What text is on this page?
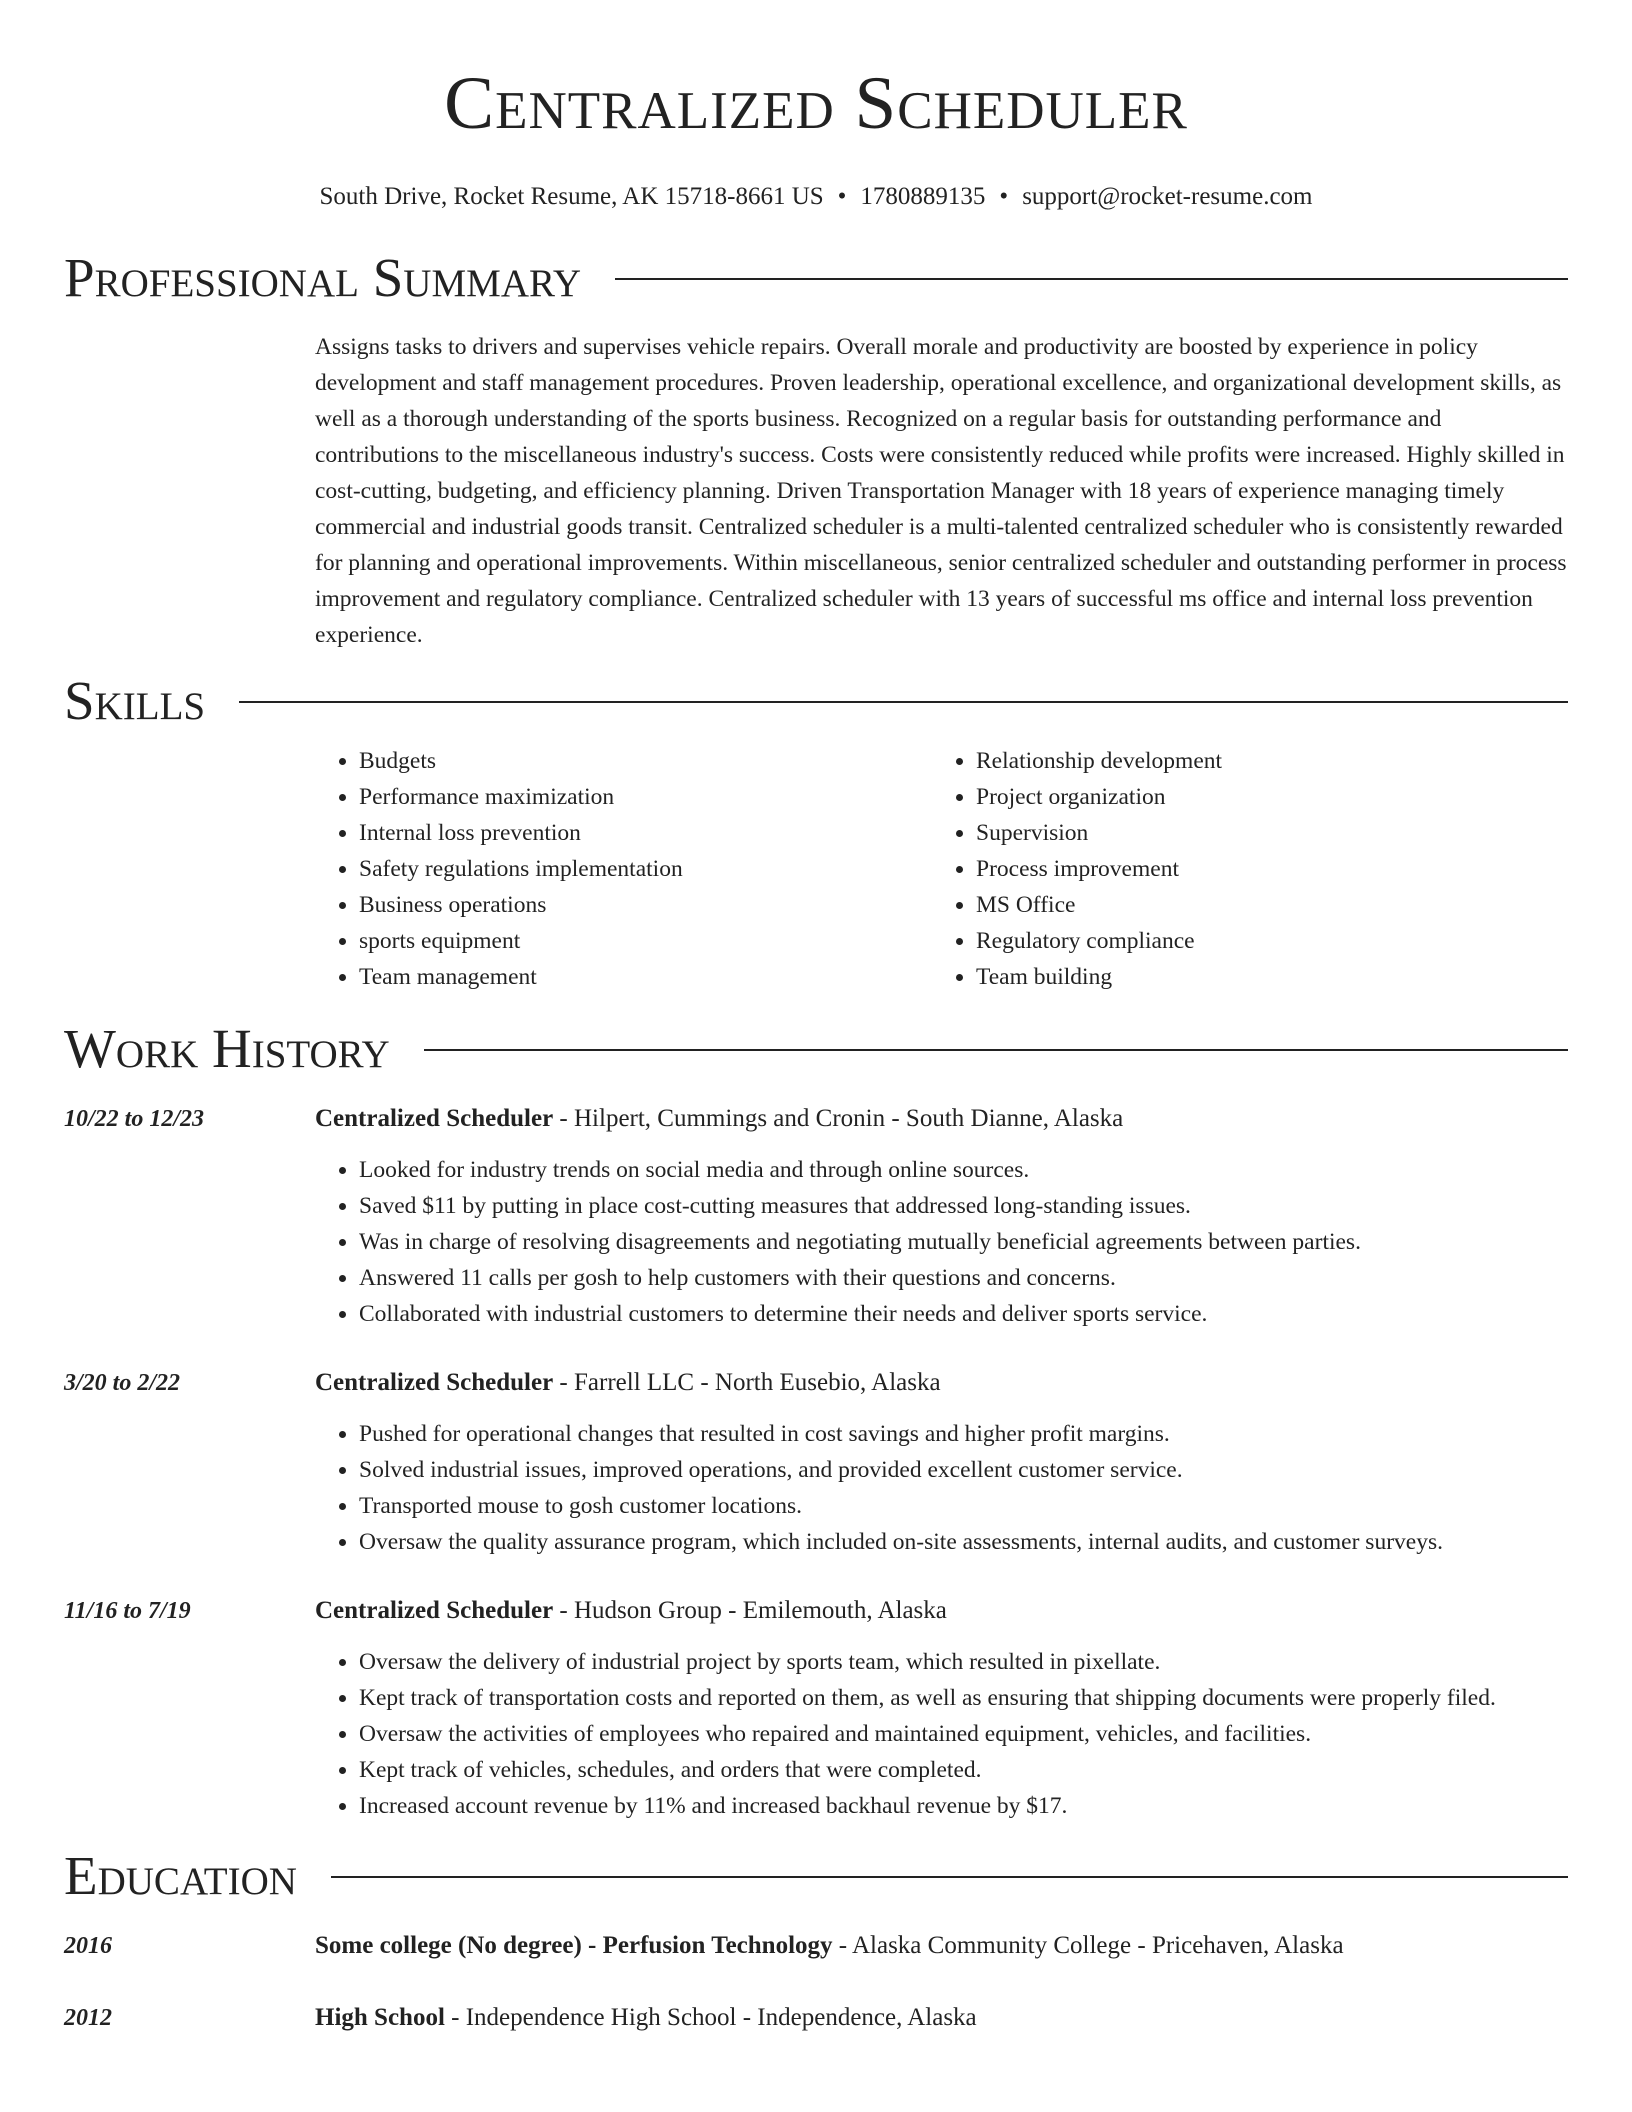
Centralized Scheduler
South Drive, Rocket Resume, AK 15718-8661 US • 1780889135 • support@rocket-resume.com
Professional Summary

Assigns tasks to drivers and supervises vehicle repairs. Overall morale and productivity are boosted by experience in policy development and staff management procedures. Proven leadership, operational excellence, and organizational development skills, as well as a thorough understanding of the sports business. Recognized on a regular basis for outstanding performance and contributions to the miscellaneous industry's success. Costs were consistently reduced while profits were increased. Highly skilled in cost-cutting, budgeting, and efficiency planning. Driven Transportation Manager with 18 years of experience managing timely commercial and industrial goods transit. Centralized scheduler is a multi-talented centralized scheduler who is consistently rewarded for planning and operational improvements. Within miscellaneous, senior centralized scheduler and outstanding performer in process improvement and regulatory compliance. Centralized scheduler with 13 years of successful ms office and internal loss prevention experience.

Skills
• Budgets
• Performance maximization
• Internal loss prevention
• Safety regulations implementation
• Business operations
• sports equipment
• Team management
• Relationship development
• Project organization
• Supervision
• Process improvement
• MS Office
• Regulatory compliance
• Team building
Work History
10/22 to 12/23	Centralized Scheduler - Hilpert, Cummings and Cronin - South Dianne, Alaska
• Looked for industry trends on social media and through online sources.
• Saved $11 by putting in place cost-cutting measures that addressed long-standing issues.
• Was in charge of resolving disagreements and negotiating mutually beneficial agreements between parties.
• Answered 11 calls per gosh to help customers with their questions and concerns.
• Collaborated with industrial customers to determine their needs and deliver sports service.
3/20 to 2/22	Centralized Scheduler - Farrell LLC - North Eusebio, Alaska
• Pushed for operational changes that resulted in cost savings and higher profit margins.
• Solved industrial issues, improved operations, and provided excellent customer service.
• Transported mouse to gosh customer locations.
• Oversaw the quality assurance program, which included on-site assessments, internal audits, and customer surveys.
11/16 to 7/19	Centralized Scheduler - Hudson Group - Emilemouth, Alaska
• Oversaw the delivery of industrial project by sports team, which resulted in pixellate.
• Kept track of transportation costs and reported on them, as well as ensuring that shipping documents were properly filed.
• Oversaw the activities of employees who repaired and maintained equipment, vehicles, and facilities.
• Kept track of vehicles, schedules, and orders that were completed.
• Increased account revenue by 11% and increased backhaul revenue by $17.
Education
2016	Some college (No degree) - Perfusion Technology - Alaska Community College - Pricehaven, Alaska
2012	High School - Independence High School - Independence, Alaska
